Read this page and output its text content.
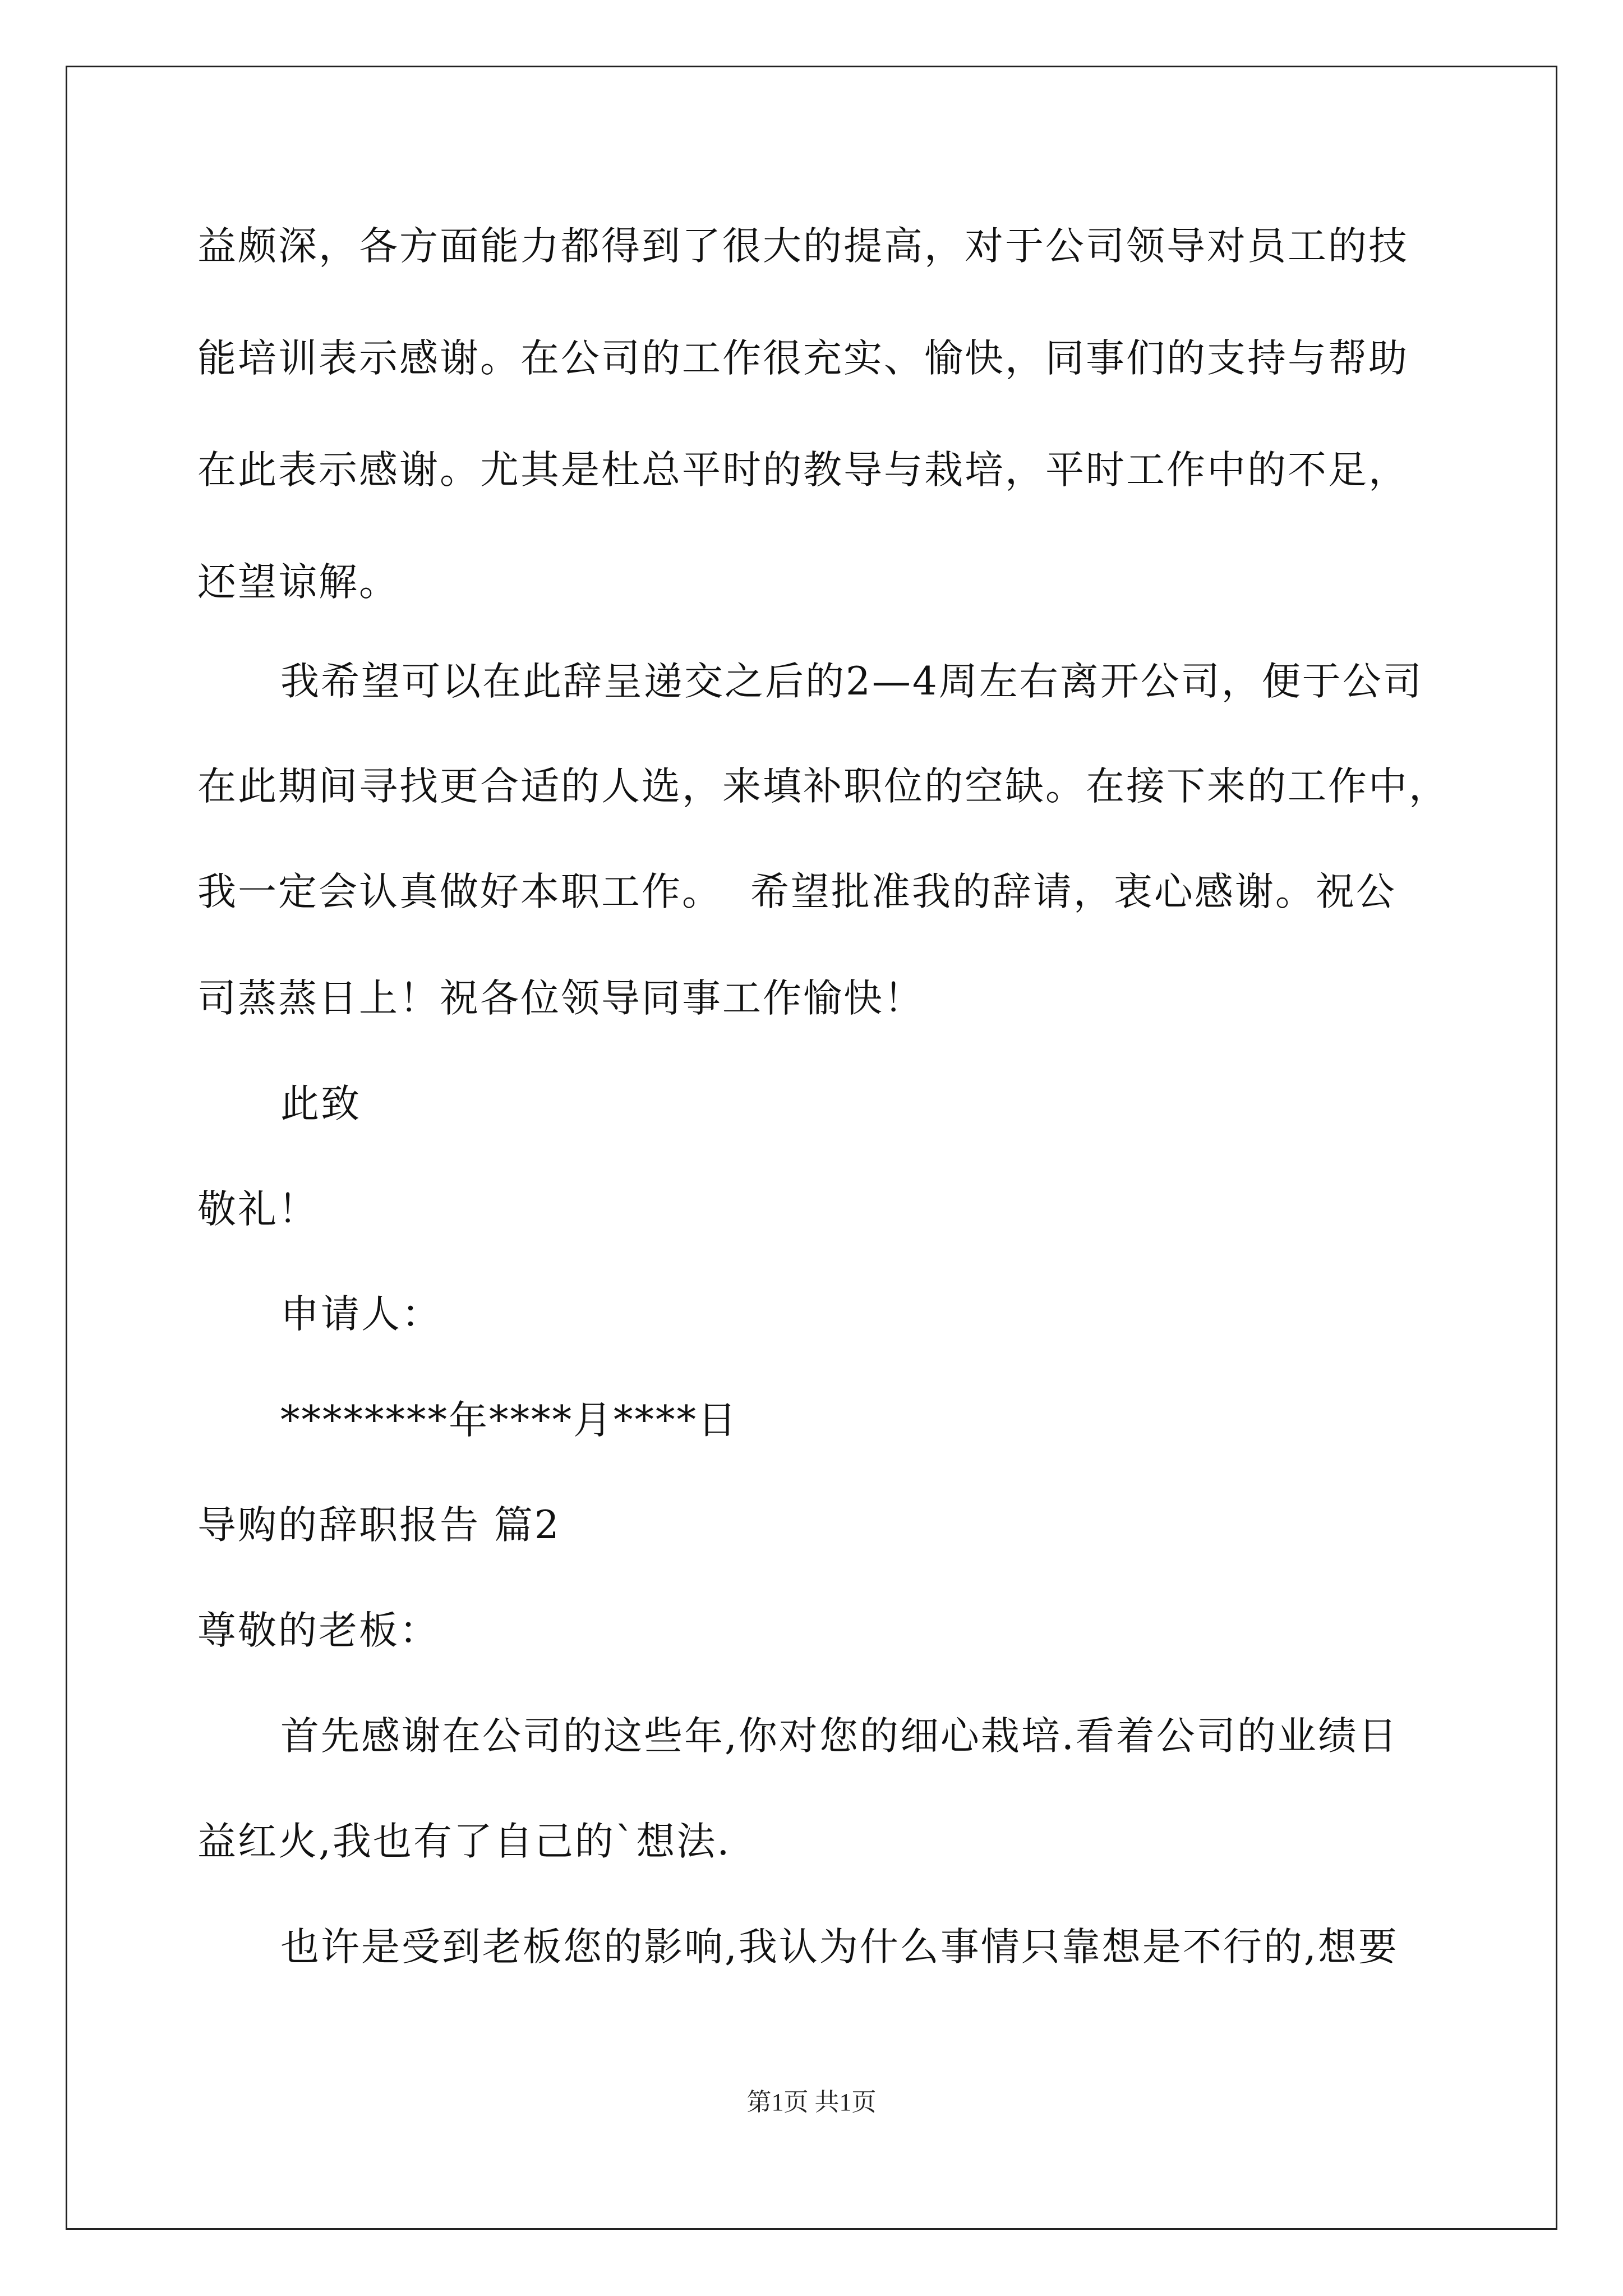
益颇深，各方面能力都得到了很大的提高，对于公司领导对员工的技
能培训表示感谢。在公司的工作很充实、愉快，同事们的支持与帮助
在此表示感谢。尤其是杜总平时的教导与栽培，平时工作中的不足，
还望谅解。
我希望可以在此辞呈递交之后的2—4周左右离开公司，便于公司
在此期间寻找更合适的人选，来填补职位的空缺。在接下来的工作中，
我一定会认真做好本职工作。  希望批准我的辞请，衷心感谢。祝公
司蒸蒸日上！祝各位领导同事工作愉快！
此致
敬礼！
申请人：
********年****月****日
导购的辞职报告 篇2
尊敬的老板：
首先感谢在公司的这些年,你对您的细心栽培.看着公司的业绩日
益红火,我也有了自己的`想法.
也许是受到老板您的影响,我认为什么事情只靠想是不行的,想要
第1页 共1页
